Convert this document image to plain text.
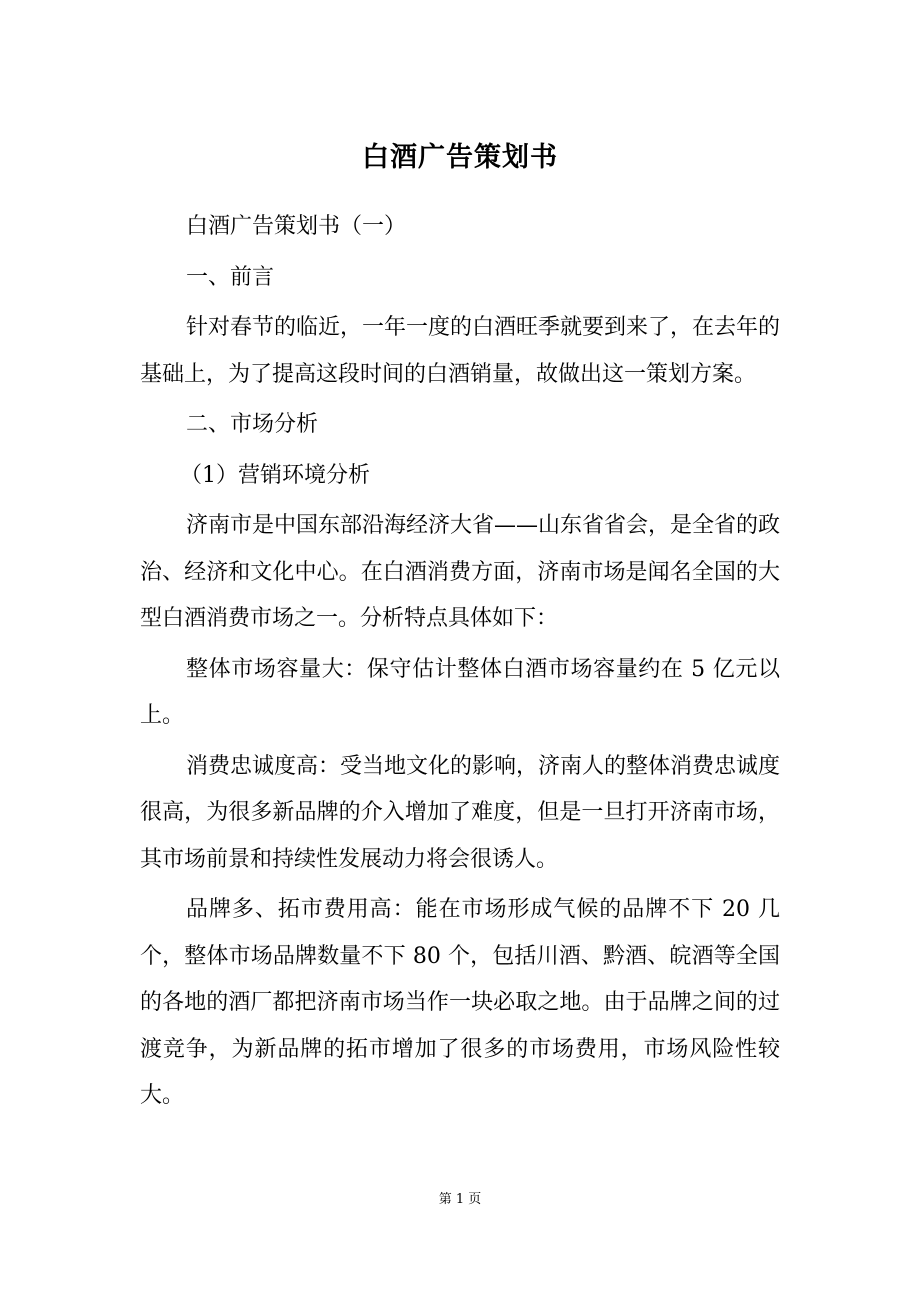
白酒广告策划书

白酒广告策划书（一）

一、前言

针对春节的临近，一年一度的白酒旺季就要到来了，在去年的基础上，为了提高这段时间的白酒销量，故做出这一策划方案。

二、市场分析

（1）营销环境分析

济南市是中国东部沿海经济大省——山东省省会，是全省的政治、经济和文化中心。在白酒消费方面，济南市场是闻名全国的大型白酒消费市场之一。分析特点具体如下：

整体市场容量大：保守估计整体白酒市场容量约在 5 亿元以上。

消费忠诚度高：受当地文化的影响，济南人的整体消费忠诚度很高，为很多新品牌的介入增加了难度，但是一旦打开济南市场，其市场前景和持续性发展动力将会很诱人。

品牌多、拓市费用高：能在市场形成气候的品牌不下 20 几个，整体市场品牌数量不下 80 个，包括川酒、黔酒、皖酒等全国的各地的酒厂都把济南市场当作一块必取之地。由于品牌之间的过渡竞争，为新品牌的拓市增加了很多的市场费用，市场风险性较大。

第 1 页
